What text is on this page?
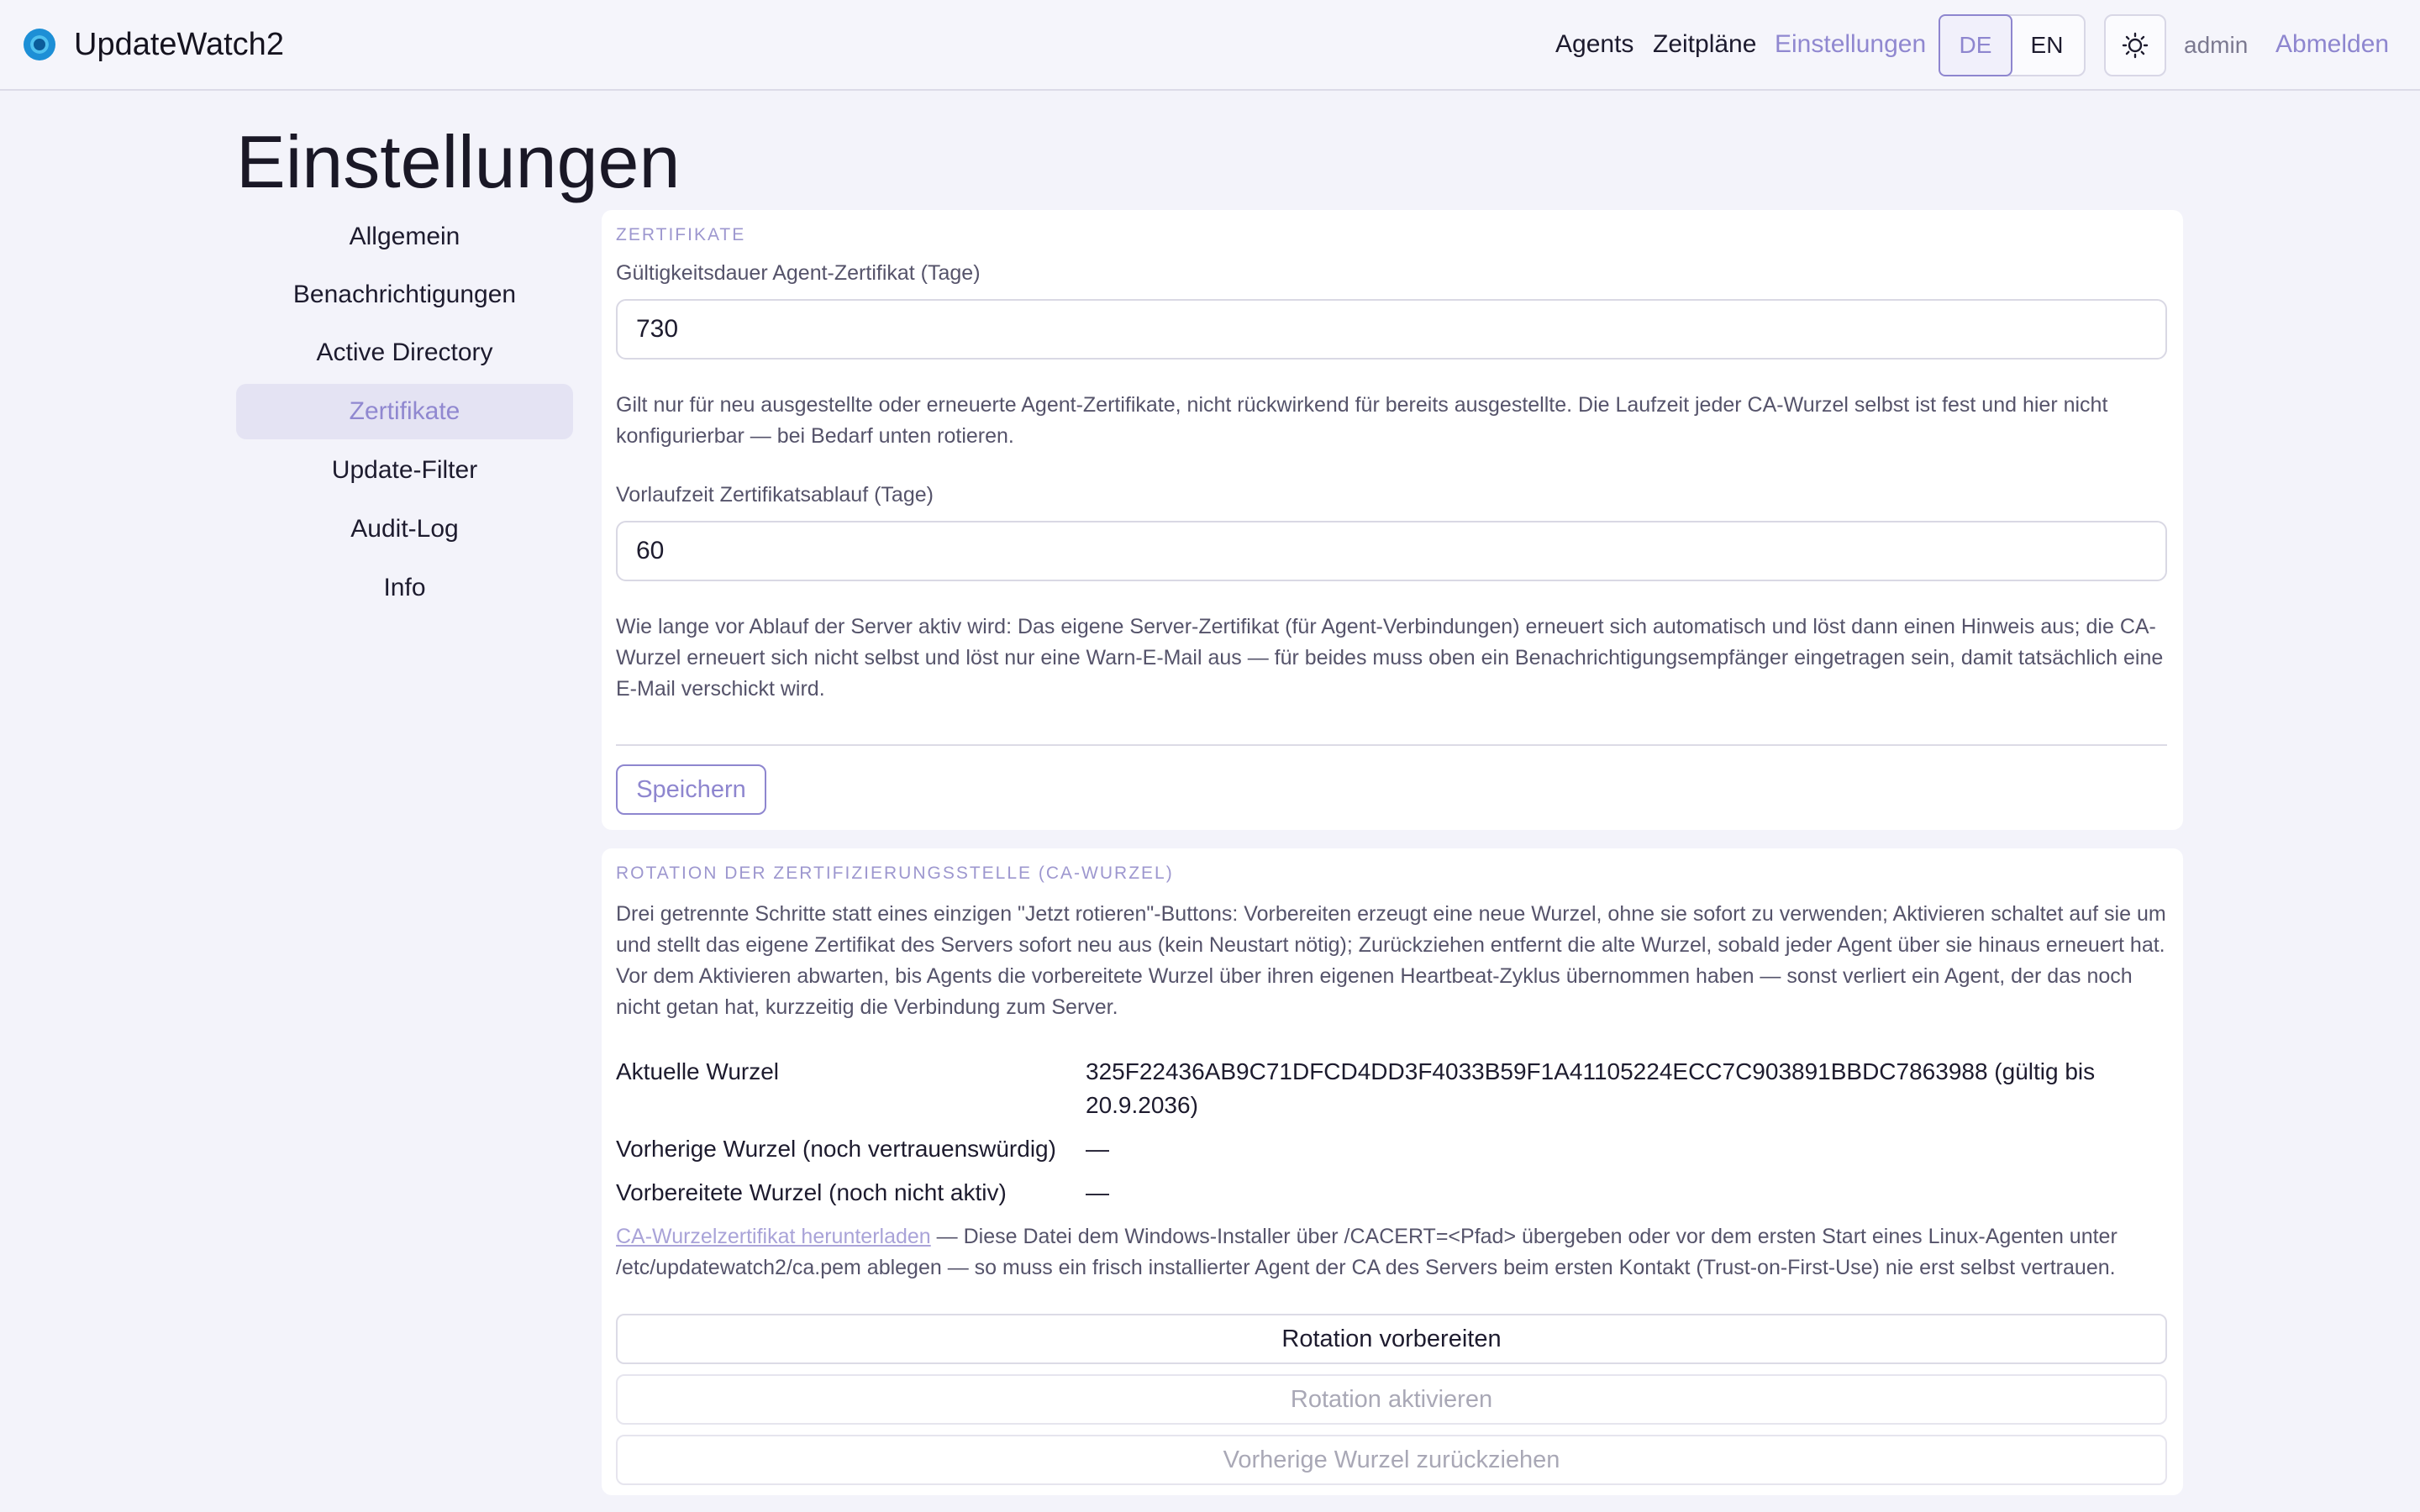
UpdateWatch2	Agents Zeitpläne Einstellungen	DE	EN	admin Abmelden
Einstellungen
Allgemein
Benachrichtigungen
Active Directory
Zertifikate
Update-Filter
Audit-Log
Info
ZERTIFIKATE
Gültigkeitsdauer Agent-Zertifikat (Tage)
730
Gilt nur für neu ausgestellte oder erneuerte Agent-Zertifikate, nicht rückwirkend für bereits ausgestellte. Die Laufzeit jeder CA-Wurzel selbst ist fest und hier nicht konfigurierbar — bei Bedarf unten rotieren.
Vorlaufzeit Zertifikatsablauf (Tage)
60
Wie lange vor Ablauf der Server aktiv wird: Das eigene Server-Zertifikat (für Agent-Verbindungen) erneuert sich automatisch und löst dann einen Hinweis aus; die CA-Wurzel erneuert sich nicht selbst und löst nur eine Warn-E-Mail aus — für beides muss oben ein Benachrichtigungsempfänger eingetragen sein, damit tatsächlich eine E-Mail verschickt wird.
Speichern
ROTATION DER ZERTIFIZIERUNGSSTELLE (CA-WURZEL)
Drei getrennte Schritte statt eines einzigen "Jetzt rotieren"-Buttons: Vorbereiten erzeugt eine neue Wurzel, ohne sie sofort zu verwenden; Aktivieren schaltet auf sie um und stellt das eigene Zertifikat des Servers sofort neu aus (kein Neustart nötig); Zurückziehen entfernt die alte Wurzel, sobald jeder Agent über sie hinaus erneuert hat. Vor dem Aktivieren abwarten, bis Agents die vorbereitete Wurzel über ihren eigenen Heartbeat-Zyklus übernommen haben — sonst verliert ein Agent, der das noch nicht getan hat, kurzzeitig die Verbindung zum Server.
Aktuelle Wurzel	325F22436AB9C71DFCD4DD3F4033B59F1A41105224ECC7C903891BBDC7863988 (gültig bis 20.9.2036)
Vorherige Wurzel (noch vertrauenswürdig) —
Vorbereitete Wurzel (noch nicht aktiv)	—
CA-Wurzelzertifikat herunterladen — Diese Datei dem Windows-Installer über /CACERT=<Pfad> übergeben oder vor dem ersten Start eines Linux-Agenten unter /etc/updatewatch2/ca.pem ablegen — so muss ein frisch installierter Agent der CA des Servers beim ersten Kontakt (Trust-on-First-Use) nie erst selbst vertrauen.
Rotation vorbereiten
Rotation aktivieren
Vorherige Wurzel zurückziehen
